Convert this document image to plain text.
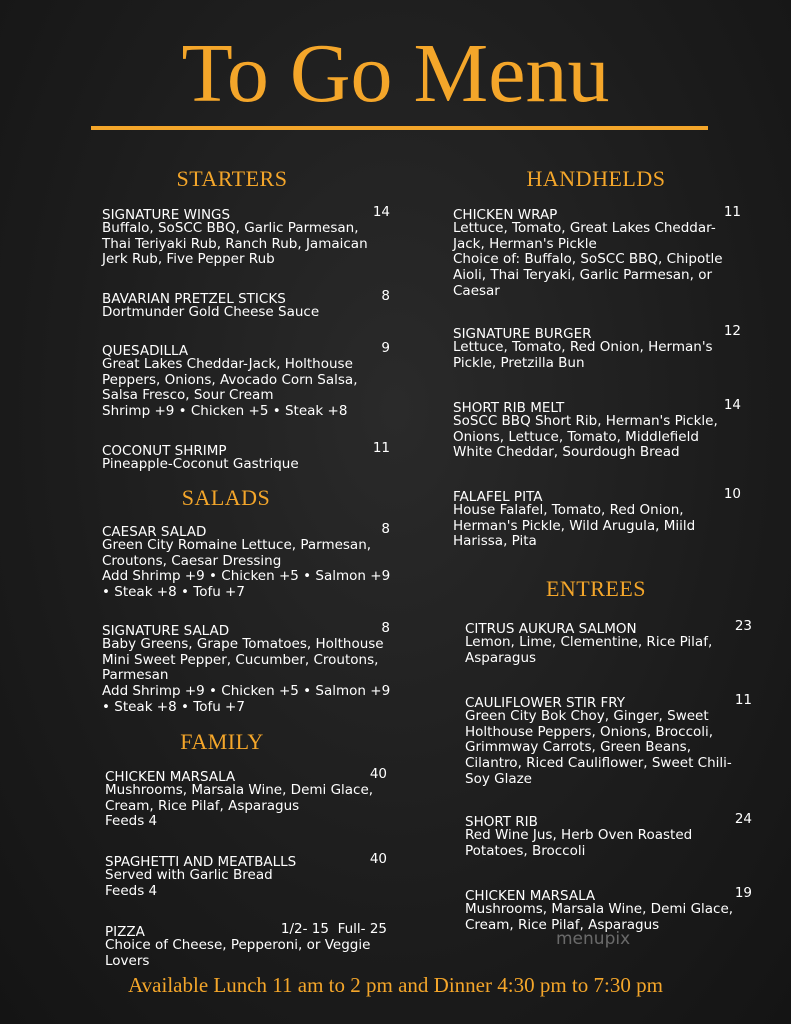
To Go Menu
STARTERS
SIGNATURE WINGS	14
Buffalo, SoSCC BBQ, Garlic Parmesan,
Thai Teriyaki Rub, Ranch Rub, Jamaican
Jerk Rub, Five Pepper Rub
BAVARIAN PRETZEL STICKS	8
Dortmunder Gold Cheese Sauce
QUESADILLA	9
Great Lakes Cheddar-Jack, Holthouse
Peppers, Onions, Avocado Corn Salsa,
Salsa Fresco, Sour Cream
Shrimp +9 • Chicken +5 • Steak +8
COCONUT SHRIMP	11
Pineapple-Coconut Gastrique
SALADS
CAESAR SALAD	8
Green City Romaine Lettuce, Parmesan,
Croutons, Caesar Dressing
Add Shrimp +9 • Chicken +5 • Salmon +9
• Steak +8 • Tofu +7
SIGNATURE SALAD	8
Baby Greens, Grape Tomatoes, Holthouse
Mini Sweet Pepper, Cucumber, Croutons,
Parmesan
Add Shrimp +9 • Chicken +5 • Salmon +9
• Steak +8 • Tofu +7
FAMILY
CHICKEN MARSALA	40
Mushrooms, Marsala Wine, Demi Glace,
Cream, Rice Pilaf, Asparagus
Feeds 4
SPAGHETTI AND MEATBALLS	40
Served with Garlic Bread
Feeds 4
PIZZA	1/2- 15  Full- 25
Choice of Cheese, Pepperoni, or Veggie
Lovers
HANDHELDS
CHICKEN WRAP	11
Lettuce, Tomato, Great Lakes Cheddar-
Jack, Herman's Pickle
Choice of: Buffalo, SoSCC BBQ, Chipotle
Aioli, Thai Teryaki, Garlic Parmesan, or
Caesar
SIGNATURE BURGER	12
Lettuce, Tomato, Red Onion, Herman's
Pickle, Pretzilla Bun
SHORT RIB MELT	14
SoSCC BBQ Short Rib, Herman's Pickle,
Onions, Lettuce, Tomato, Middlefield
White Cheddar, Sourdough Bread
FALAFEL PITA	10
House Falafel, Tomato, Red Onion,
Herman's Pickle, Wild Arugula, Miild
Harissa, Pita
ENTREES
CITRUS AUKURA SALMON	23
Lemon, Lime, Clementine, Rice Pilaf,
Asparagus
CAULIFLOWER STIR FRY	11
Green City Bok Choy, Ginger, Sweet
Holthouse Peppers, Onions, Broccoli,
Grimmway Carrots, Green Beans,
Cilantro, Riced Cauliflower, Sweet Chili-
Soy Glaze
SHORT RIB	24
Red Wine Jus, Herb Oven Roasted
Potatoes, Broccoli
CHICKEN MARSALA	19
Mushrooms, Marsala Wine, Demi Glace,
Cream, Rice Pilaf, Asparagus
menupix
Available Lunch 11 am to 2 pm and Dinner 4:30 pm to 7:30 pm
